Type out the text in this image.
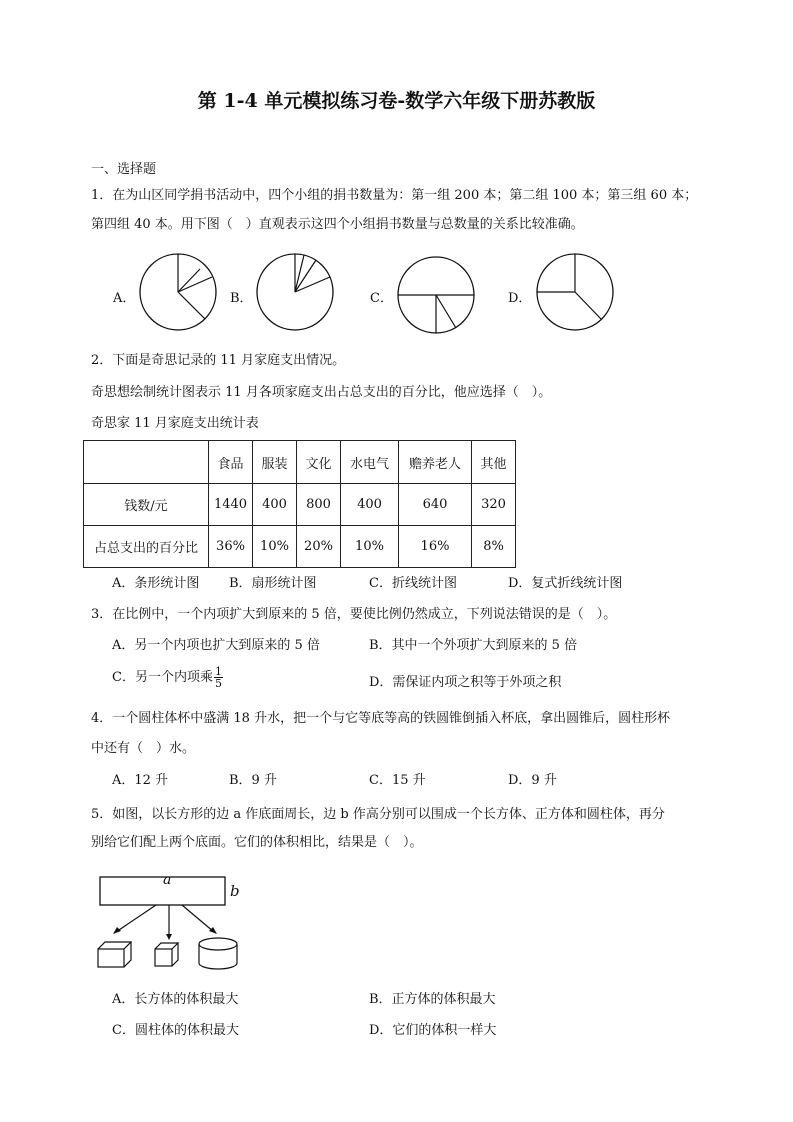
第 1-4 单元模拟练习卷-数学六年级下册苏教版
一、选择题
1．在为山区同学捐书活动中，四个小组的捐书数量为：第一组 200 本；第二组 100 本；第三组 60 本；
第四组 40 本。用下图（　）直观表示这四个小组捐书数量与总数量的关系比较准确。
A．	B．	C．	D．
2．下面是奇思记录的 11 月家庭支出情况。
奇思想绘制统计图表示 11 月各项家庭支出占总支出的百分比，他应选择（　）。
奇思家 11 月家庭支出统计表
	食品	服装	文化	水电气	赡养老人	其他
钱数/元	1440	400	800	400	640	320
占总支出的百分比	36%	10%	20%	10%	16%	8%
A．条形统计图 B．扇形统计图	C．折线统计图	D．复式折线统计图
3．在比例中，一个内项扩大到原来的 5 倍，要使比例仍然成立，下列说法错误的是（　）。
A．另一个内项也扩大到原来的 5 倍	B．其中一个外项扩大到原来的 5 倍
C．另一个内项乘 $\frac{1}{5}$	D．需保证内项之积等于外项之积
4．一个圆柱体杯中盛满 18 升水，把一个与它等底等高的铁圆锥倒插入杯底，拿出圆锥后，圆柱形杯
中还有（　）水。
A．12 升	B．9 升	C．15 升	D．9 升
5．如图，以长方形的边 a 作底面周长，边 b 作高分别可以围成一个长方体、正方体和圆柱体，再分
别给它们配上两个底面。它们的体积相比，结果是（　）。
a
b
A．长方体的体积最大	B．正方体的体积最大
C．圆柱体的体积最大	D．它们的体积一样大
